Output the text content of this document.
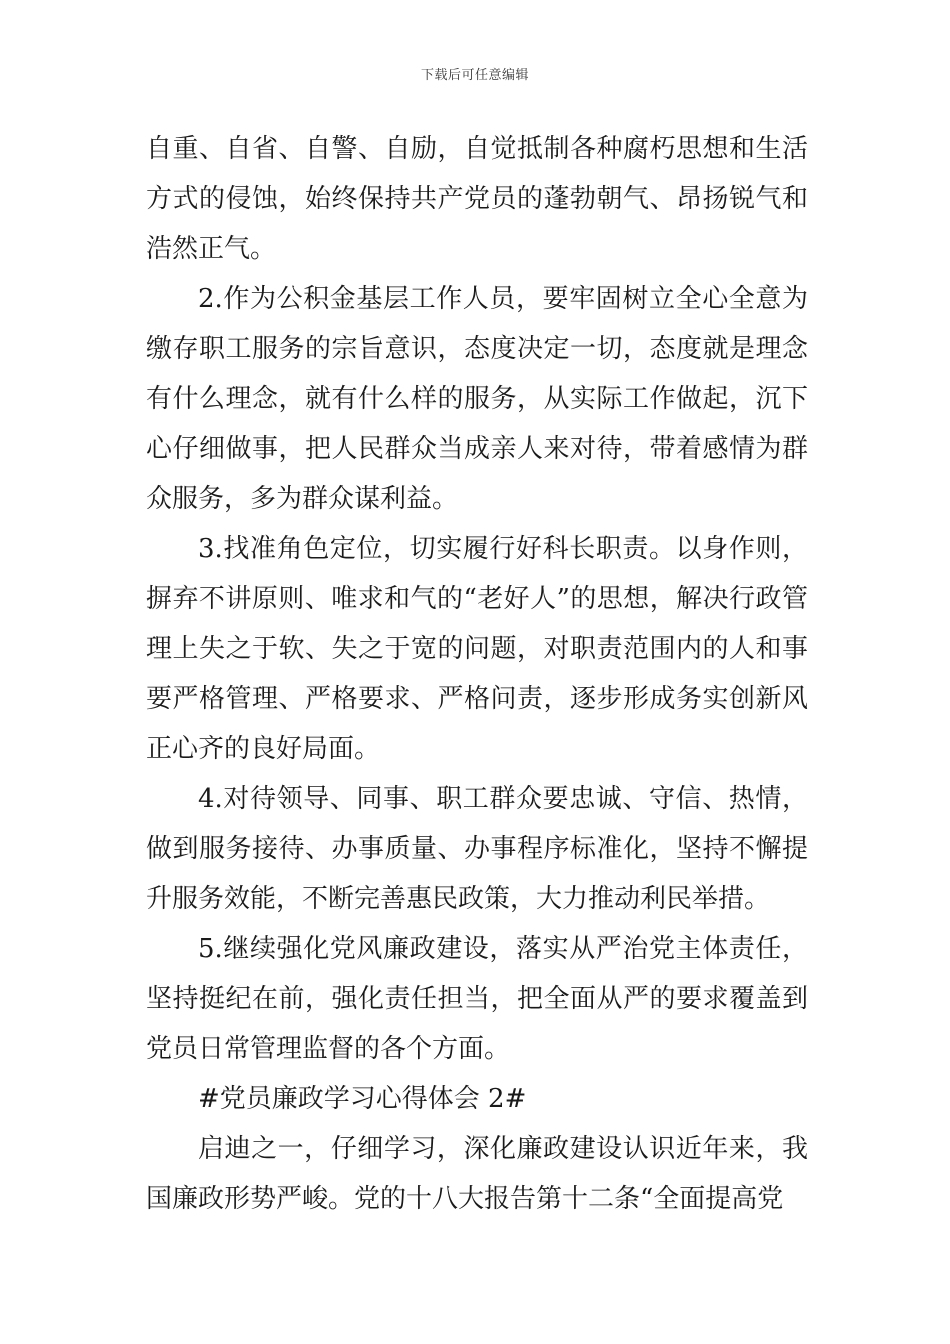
下载后可任意编辑

自重、自省、自警、自励，自觉抵制各种腐朽思想和生活方式的侵蚀，始终保持共产党员的蓬勃朝气、昂扬锐气和浩然正气。

2.作为公积金基层工作人员，要牢固树立全心全意为缴存职工服务的宗旨意识，态度决定一切，态度就是理念有什么理念，就有什么样的服务，从实际工作做起，沉下心仔细做事，把人民群众当成亲人来对待，带着感情为群众服务，多为群众谋利益。

3.找准角色定位，切实履行好科长职责。以身作则，摒弃不讲原则、唯求和气的“老好人”的思想，解决行政管理上失之于软、失之于宽的问题，对职责范围内的人和事要严格管理、严格要求、严格问责，逐步形成务实创新风正心齐的良好局面。

4.对待领导、同事、职工群众要忠诚、守信、热情，做到服务接待、办事质量、办事程序标准化，坚持不懈提升服务效能，不断完善惠民政策，大力推动利民举措。

5.继续强化党风廉政建设，落实从严治党主体责任，坚持挺纪在前，强化责任担当，把全面从严的要求覆盖到党员日常管理监督的各个方面。

#党员廉政学习心得体会 2#

启迪之一，仔细学习，深化廉政建设认识近年来，我国廉政形势严峻。党的十八大报告第十二条“全面提高党
